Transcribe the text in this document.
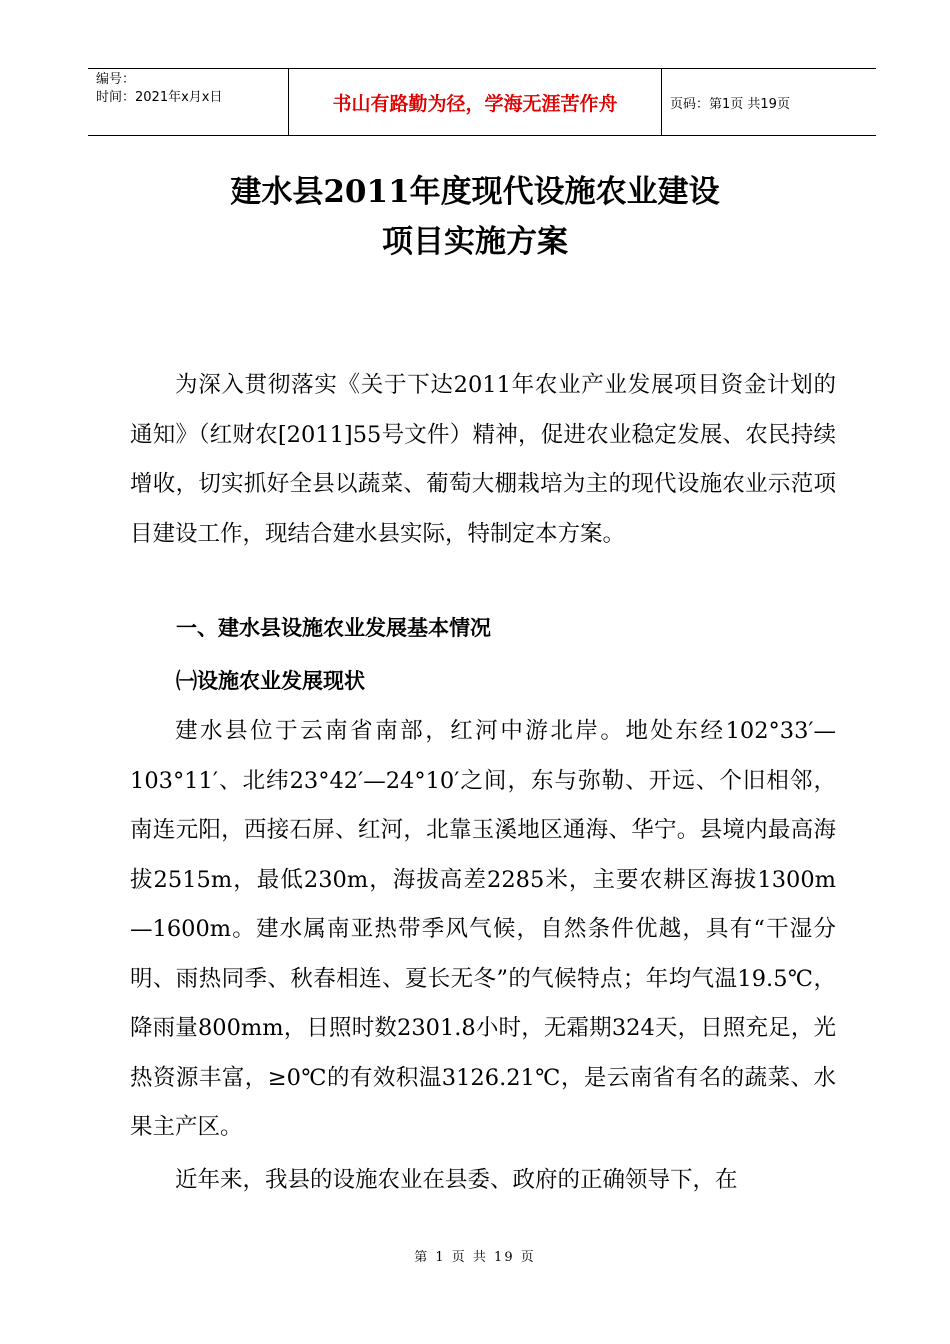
编号：
时间：2021年x月x日	书山有路勤为径，学海无涯苦作舟	页码：第1页 共19页
建水县2011年度现代设施农业建设
项目实施方案
为深入贯彻落实《关于下达2011年农业产业发展项目资金计划的通知》（红财农[2011]55号文件）精神，促进农业稳定发展、农民持续增收，切实抓好全县以蔬菜、葡萄大棚栽培为主的现代设施农业示范项目建设工作，现结合建水县实际，特制定本方案。
一、建水县设施农业发展基本情况
㈠设施农业发展现状
建水县位于云南省南部，红河中游北岸。地处东经102°33′—103°11′、北纬23°42′—24°10′之间，东与弥勒、开远、个旧相邻，南连元阳，西接石屏、红河，北靠玉溪地区通海、华宁。县境内最高海拔2515m，最低230m，海拔高差2285米，主要农耕区海拔1300m—1600m。建水属南亚热带季风气候，自然条件优越，具有“干湿分明、雨热同季、秋春相连、夏长无冬”的气候特点；年均气温19.5℃，降雨量800mm，日照时数2301.8小时，无霜期324天，日照充足，光热资源丰富，≥0℃的有效积温3126.21℃，是云南省有名的蔬菜、水果主产区。
近年来，我县的设施农业在县委、政府的正确领导下，在
第 1 页 共 19 页
